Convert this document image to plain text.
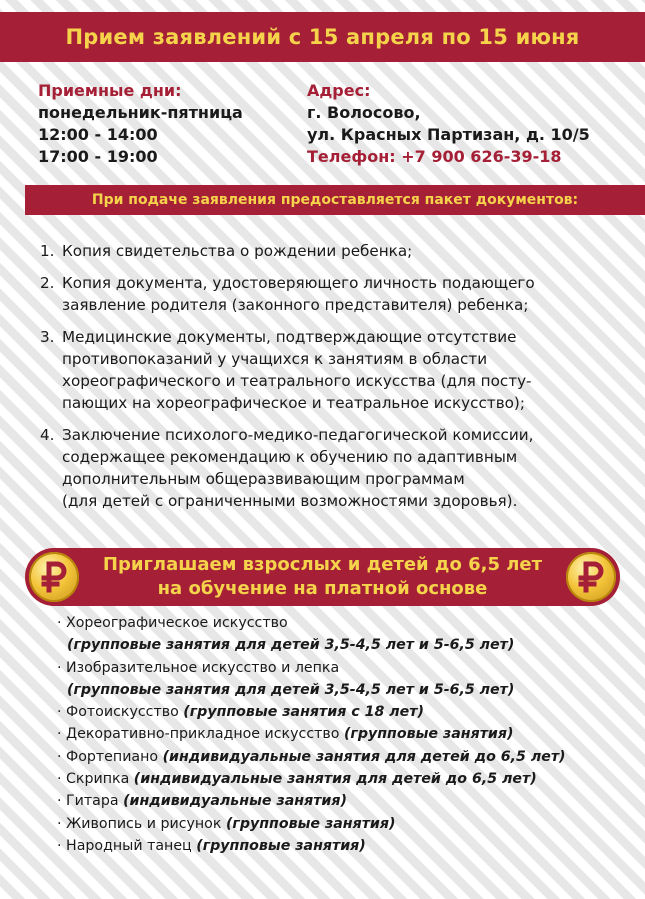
Прием заявлений с 15 апреля по 15 июня
Приемные дни:
понедельник-пятница
12:00 - 14:00
17:00 - 19:00
Адрес:
г. Волосово,
ул. Красных Партизан, д. 10/5
Телефон: +7 900 626-39-18
При подаче заявления предоставляется пакет документов:
1. Копия свидетельства о рождении ребенка;
2. Копия документа, удостоверяющего личность подающего
заявление родителя (законного представителя) ребенка;
3. Медицинские документы, подтверждающие отсутствие
противопоказаний у учащихся к занятиям в области
хореографического и театрального искусства (для посту-
пающих на хореографическое и театральное искусство);
4. Заключение психолого-медико-педагогической комиссии,
содержащее рекомендацию к обучению по адаптивным
дополнительным общеразвивающим программам
(для детей с ограниченными возможностями здоровья).
Приглашаем взрослых и детей до 6,5 лет
на обучение на платной основе
· Хореографическое искусство
(групповые занятия для детей 3,5-4,5 лет и 5-6,5 лет)
· Изобразительное искусство и лепка
(групповые занятия для детей 3,5-4,5 лет и 5-6,5 лет)
· Фотоискусство (групповые занятия с 18 лет)
· Декоративно-прикладное искусство (групповые занятия)
· Фортепиано (индивидуальные занятия для детей до 6,5 лет)
· Скрипка (индивидуальные занятия для детей до 6,5 лет)
· Гитара (индивидуальные занятия)
· Живопись и рисунок (групповые занятия)
· Народный танец (групповые занятия)
